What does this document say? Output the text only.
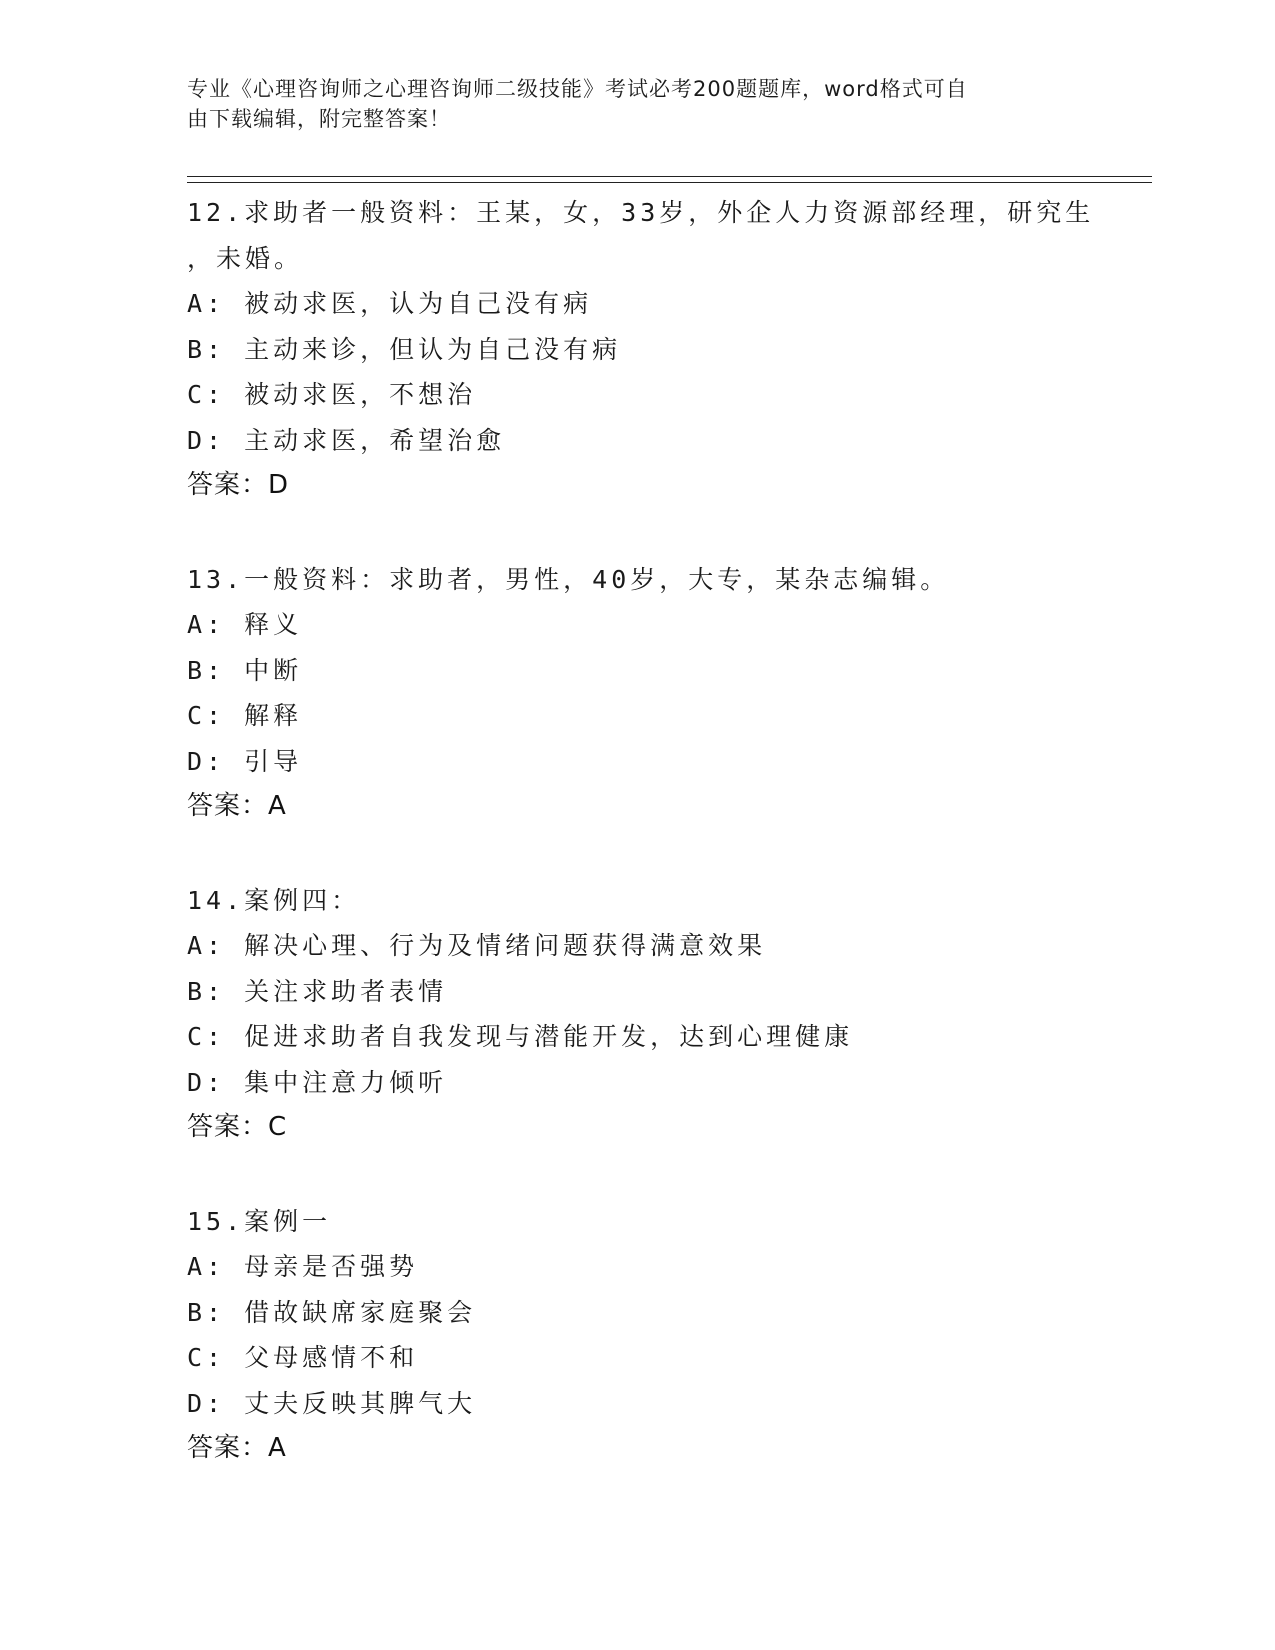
专业《心理咨询师之心理咨询师二级技能》考试必考200题题库，word格式可自
由下载编辑，附完整答案！
12.求助者一般资料：王某，女，33岁，外企人力资源部经理，研究生
，未婚。
A: 被动求医，认为自己没有病
B: 主动来诊，但认为自己没有病
C: 被动求医，不想治
D: 主动求医，希望治愈
答案：D
13.一般资料：求助者，男性，40岁，大专，某杂志编辑。
A: 释义
B: 中断
C: 解释
D: 引导
答案：A
14.案例四：
A: 解决心理、行为及情绪问题获得满意效果
B: 关注求助者表情
C: 促进求助者自我发现与潜能开发，达到心理健康
D: 集中注意力倾听
答案：C
15.案例一
A: 母亲是否强势
B: 借故缺席家庭聚会
C: 父母感情不和
D: 丈夫反映其脾气大
答案：A
